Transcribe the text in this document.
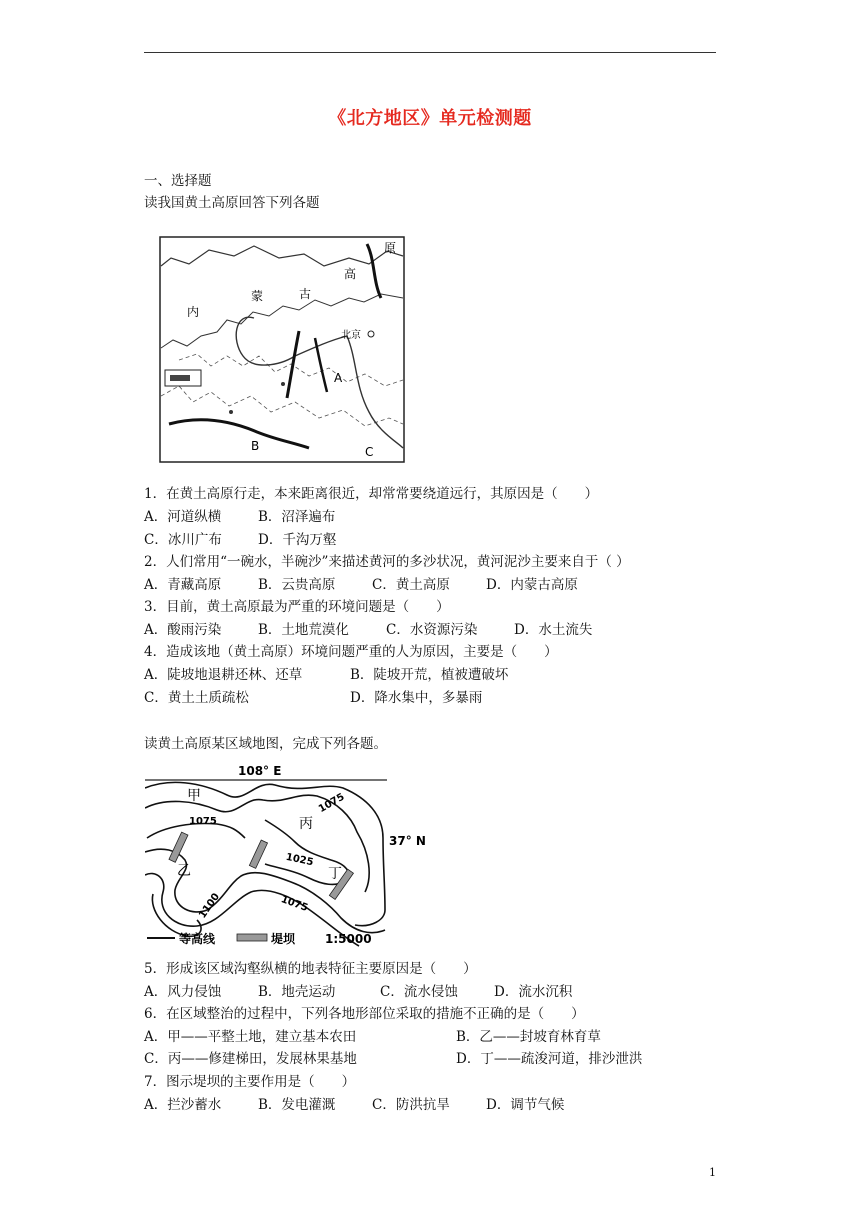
《北方地区》单元检测题
一、选择题
读我国黄土高原回答下列各题
原
高
内
蒙	古
北京
A
B	C
1．在黄土高原行走，本来距离很近，却常常要绕道远行，其原因是（　　）
A．河道纵横	B．沼泽遍布
C．冰川广布	D．千沟万壑
2．人们常用“一碗水，半碗沙”来描述黄河的多沙状况，黄河泥沙主要来自于（ ）
A．青藏高原	B．云贵高原	C．黄土高原	D．内蒙古高原
3．目前，黄土高原最为严重的环境问题是（　　）
A．酸雨污染	B．土地荒漠化	C．水资源污染	D．水土流失
4．造成该地（黄土高原）环境问题严重的人为原因，主要是（　　）
A．陡坡地退耕还林、还草	B．陡坡开荒，植被遭破坏
C．黄土土质疏松	D．降水集中，多暴雨
读黄土高原某区域地图，完成下列各题。
108° E
甲
乙
丙
丁
1075
1075
1075
1025
1100
37° N
等高线	堤坝 1:5000
5．形成该区域沟壑纵横的地表特征主要原因是（　　）
A．风力侵蚀	B．地壳运动	C．流水侵蚀	D．流水沉积
6．在区域整治的过程中，下列各地形部位采取的措施不正确的是（　　）
A．甲——平整土地，建立基本农田	B．乙——封坡育林育草
C．丙——修建梯田，发展林果基地	D．丁——疏浚河道，排沙泄洪
7．图示堤坝的主要作用是（　　）
A．拦沙蓄水	B．发电灌溉	C．防洪抗旱	D．调节气候
1
